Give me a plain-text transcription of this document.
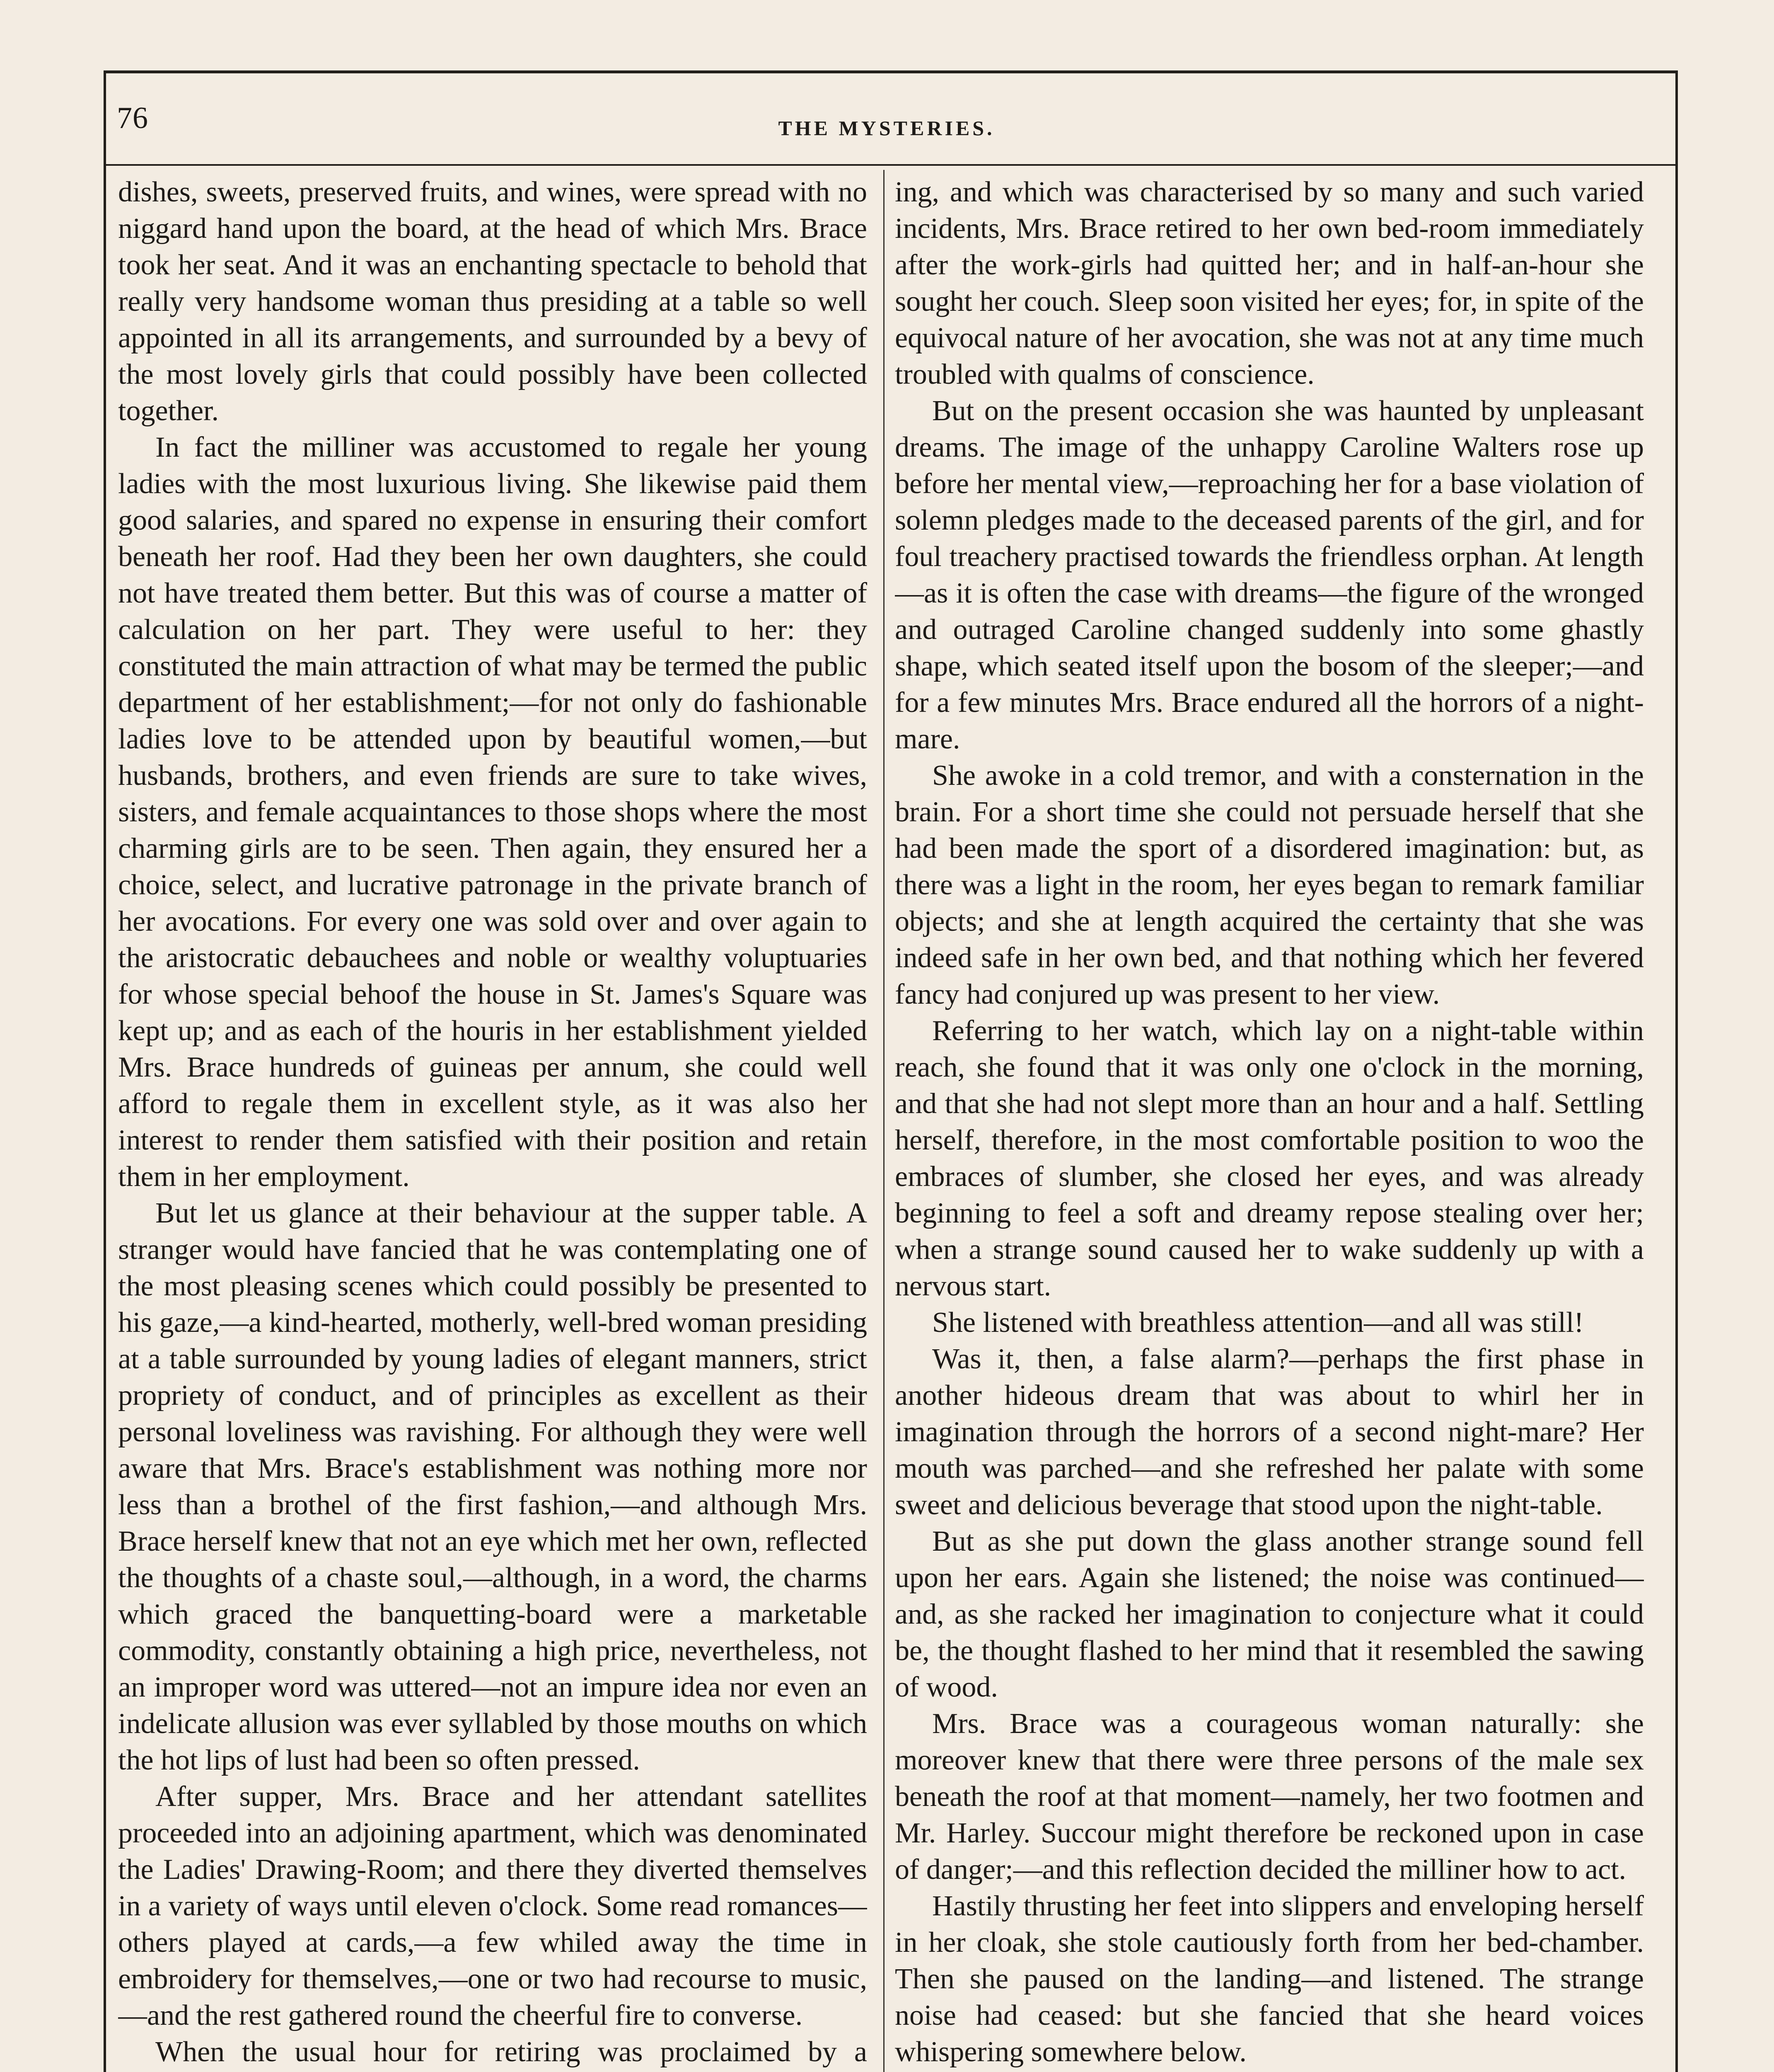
76	THE MYSTERIES.

dishes, sweets, preserved fruits, and wines, were spread with no niggard hand upon the board, at the head of which Mrs. Brace took her seat. And it was an enchanting spectacle to behold that really very handsome woman thus presiding at a table so well appointed in all its arrangements, and surrounded by a bevy of the most lovely girls that could possibly have been collected together.

In fact the milliner was accustomed to regale her young ladies with the most luxurious living. She likewise paid them good salaries, and spared no expense in ensuring their comfort beneath her roof. Had they been her own daughters, she could not have treated them better. But this was of course a matter of calculation on her part. They were useful to her: they constituted the main attraction of what may be termed the public department of her establishment;—for not only do fashionable ladies love to be attended upon by beautiful women,—but husbands, brothers, and even friends are sure to take wives, sisters, and female acquaintances to those shops where the most charming girls are to be seen. Then again, they ensured her a choice, select, and lucrative patronage in the private branch of her avocations. For every one was sold over and over again to the aristocratic debauchees and noble or wealthy voluptuaries for whose special behoof the house in St. James's Square was kept up; and as each of the houris in her establishment yielded Mrs. Brace hundreds of guineas per annum, she could well afford to regale them in excellent style, as it was also her interest to render them satisfied with their position and retain them in her employment.

But let us glance at their behaviour at the supper table. A stranger would have fancied that he was contemplating one of the most pleasing scenes which could possibly be presented to his gaze,—a kind-hearted, motherly, well-bred woman presiding at a table surrounded by young ladies of elegant manners, strict propriety of conduct, and of principles as excellent as their personal loveliness was ravishing. For although they were well aware that Mrs. Brace's establishment was nothing more nor less than a brothel of the first fashion,—and although Mrs. Brace herself knew that not an eye which met her own, reflected the thoughts of a chaste soul,—although, in a word, the charms which graced the banquetting-board were a marketable commodity, constantly obtaining a high price, nevertheless, not an improper word was uttered—not an impure idea nor even an indelicate allusion was ever syllabled by those mouths on which the hot lips of lust had been so often pressed.

After supper, Mrs. Brace and her attendant satellites proceeded into an adjoining apartment, which was denominated the Ladies' Drawing-Room; and there they diverted themselves in a variety of ways until eleven o'clock. Some read romances—others played at cards,—a few whiled away the time in embroidery for themselves,—one or two had recourse to music,—and the rest gathered round the cheerful fire to converse.

When the usual hour for retiring was proclaimed by a

ing, and which was characterised by so many and such varied incidents, Mrs. Brace retired to her own bed-room immediately after the work-girls had quitted her; and in half-an-hour she sought her couch. Sleep soon visited her eyes; for, in spite of the equivocal nature of her avocation, she was not at any time much troubled with qualms of conscience.

But on the present occasion she was haunted by unpleasant dreams. The image of the unhappy Caroline Walters rose up before her mental view,—reproaching her for a base violation of solemn pledges made to the deceased parents of the girl, and for foul treachery practised towards the friendless orphan. At length—as it is often the case with dreams—the figure of the wronged and outraged Caroline changed suddenly into some ghastly shape, which seated itself upon the bosom of the sleeper;—and for a few minutes Mrs. Brace endured all the horrors of a night-mare.

She awoke in a cold tremor, and with a consternation in the brain. For a short time she could not persuade herself that she had been made the sport of a disordered imagination: but, as there was a light in the room, her eyes began to remark familiar objects; and she at length acquired the certainty that she was indeed safe in her own bed, and that nothing which her fevered fancy had conjured up was present to her view.

Referring to her watch, which lay on a night-table within reach, she found that it was only one o'clock in the morning, and that she had not slept more than an hour and a half. Settling herself, therefore, in the most comfortable position to woo the embraces of slumber, she closed her eyes, and was already beginning to feel a soft and dreamy repose stealing over her; when a strange sound caused her to wake suddenly up with a nervous start.

She listened with breathless attention—and all was still!

Was it, then, a false alarm?—perhaps the first phase in another hideous dream that was about to whirl her in imagination through the horrors of a second night-mare? Her mouth was parched—and she refreshed her palate with some sweet and delicious beverage that stood upon the night-table.

But as she put down the glass another strange sound fell upon her ears. Again she listened; the noise was continued—and, as she racked her imagination to conjecture what it could be, the thought flashed to her mind that it resembled the sawing of wood.

Mrs. Brace was a courageous woman naturally: she moreover knew that there were three persons of the male sex beneath the roof at that moment—namely, her two footmen and Mr. Harley. Succour might therefore be reckoned upon in case of danger;—and this reflection decided the milliner how to act.

Hastily thrusting her feet into slippers and enveloping herself in her cloak, she stole cautiously forth from her bed-chamber. Then she paused on the landing—and listened. The strange noise had ceased: but she fancied that she heard voices whispering somewhere below.
